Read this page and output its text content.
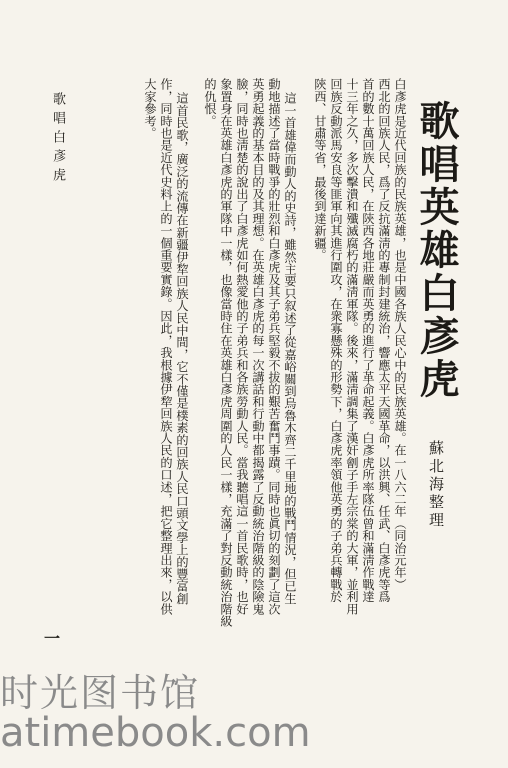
歌唱英雄白彥虎
蘇北海整理
白彥虎是近代回族的民族英雄，也是中國各族人民心中的民族英雄。在一八六二年（同治元年）
西北的回族人民，爲了反抗滿淸的專制封建統治，響應太平天國革命，以洪興、任武、白彥虎等爲
首的數十萬回族人民，在陝西各地莊嚴而英勇的進行了革命起義。白彥虎所率隊伍曾和滿淸作戰達
十三年之久，多次擊潰和殲滅腐朽的滿淸軍隊。後來，滿淸調集了漢奸劊子手左宗棠的大軍，並利用
回族反動派馬安良等匪軍向其進行圍攻，在衆寡懸殊的形勢下，白彥虎率領他英勇的子弟兵轉戰於
陝西、甘肅等省，最後到達新疆。
這一首雄偉而動人的史詩，雖然主要只叙述了從嘉峪關到烏魯木齊二千里地的戰鬥情況，但已生
動地描述了當時戰爭的壯烈和白彥虎及其子弟兵堅毅不拔的艱苦奮鬥事蹟。同時也眞切的刻劃了這次
英勇起義的基本目的及其理想。在英雄白彥虎的每一次講話和行動中都揭露了反動統治階級的陰險鬼
臉，同時也淸楚的說出了白彥虎如何熱愛他的子弟兵和各族勞動人民。當我聽唱這一首民歌時，也好
象置身在英雄白彥虎的軍隊中一樣，也像當時住在英雄白彥虎周圍的人民一樣，充滿了對反動統治階級
的仇恨。
這首民歌，廣泛的流傳在新疆伊犂回族人民中間，它不僅是樸素的回族人民口頭文學上的豐富創
作，同時也是近代史料上的一個重要實錄。因此，我根據伊犂回族人民的口述，把它整理出來，以供
大家參考。
歌唱白彥虎
一
时光图书馆
atimebook.com
